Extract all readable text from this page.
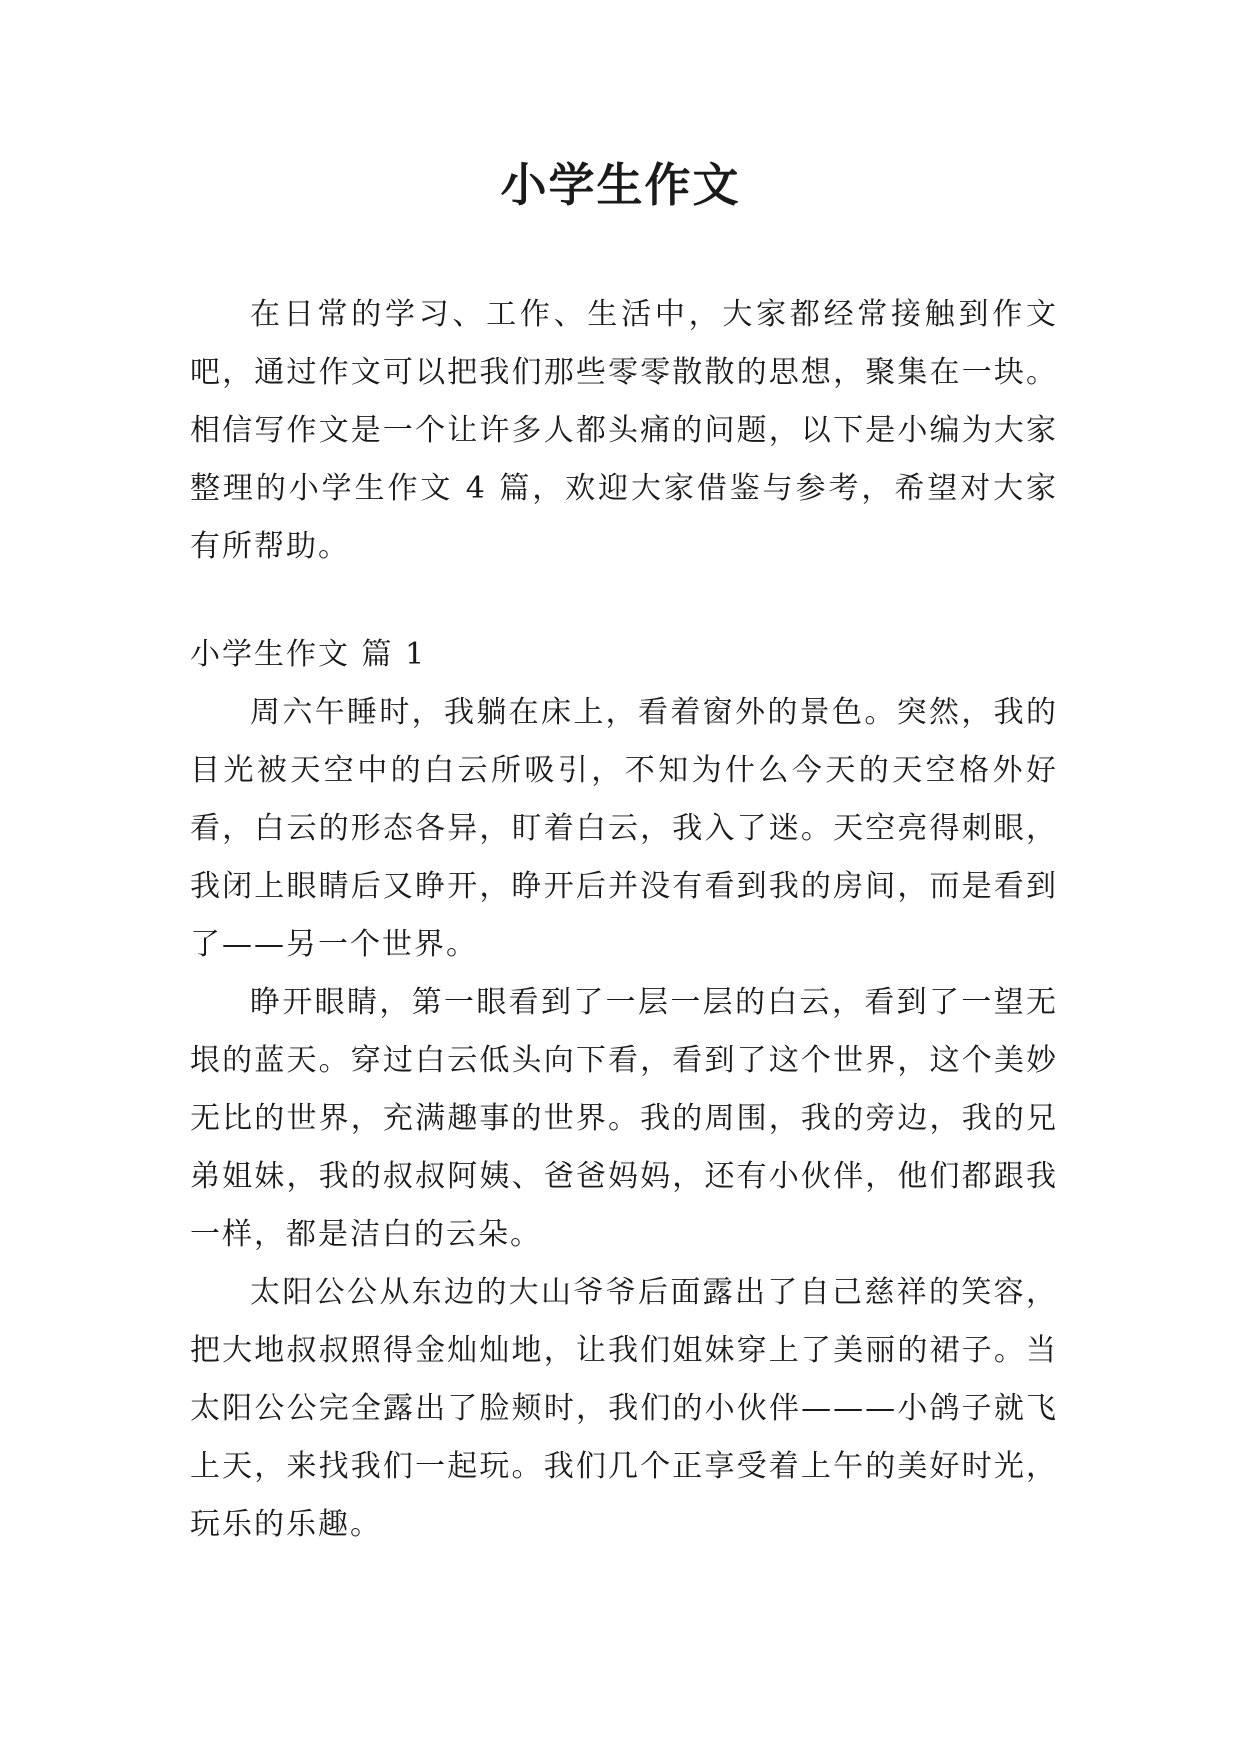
小学生作文

在日常的学习、工作、生活中，大家都经常接触到作文吧，通过作文可以把我们那些零零散散的思想，聚集在一块。相信写作文是一个让许多人都头痛的问题，以下是小编为大家整理的小学生作文 4 篇，欢迎大家借鉴与参考，希望对大家有所帮助。

小学生作文 篇 1

周六午睡时，我躺在床上，看着窗外的景色。突然，我的目光被天空中的白云所吸引，不知为什么今天的天空格外好看，白云的形态各异，盯着白云，我入了迷。天空亮得刺眼，我闭上眼睛后又睁开，睁开后并没有看到我的房间，而是看到了——另一个世界。

睁开眼睛，第一眼看到了一层一层的白云，看到了一望无垠的蓝天。穿过白云低头向下看，看到了这个世界，这个美妙无比的世界，充满趣事的世界。我的周围，我的旁边，我的兄弟姐妹，我的叔叔阿姨、爸爸妈妈，还有小伙伴，他们都跟我一样，都是洁白的云朵。

太阳公公从东边的大山爷爷后面露出了自己慈祥的笑容，把大地叔叔照得金灿灿地，让我们姐妹穿上了美丽的裙子。当太阳公公完全露出了脸颊时，我们的小伙伴———小鸽子就飞上天，来找我们一起玩。我们几个正享受着上午的美好时光，玩乐的乐趣。
